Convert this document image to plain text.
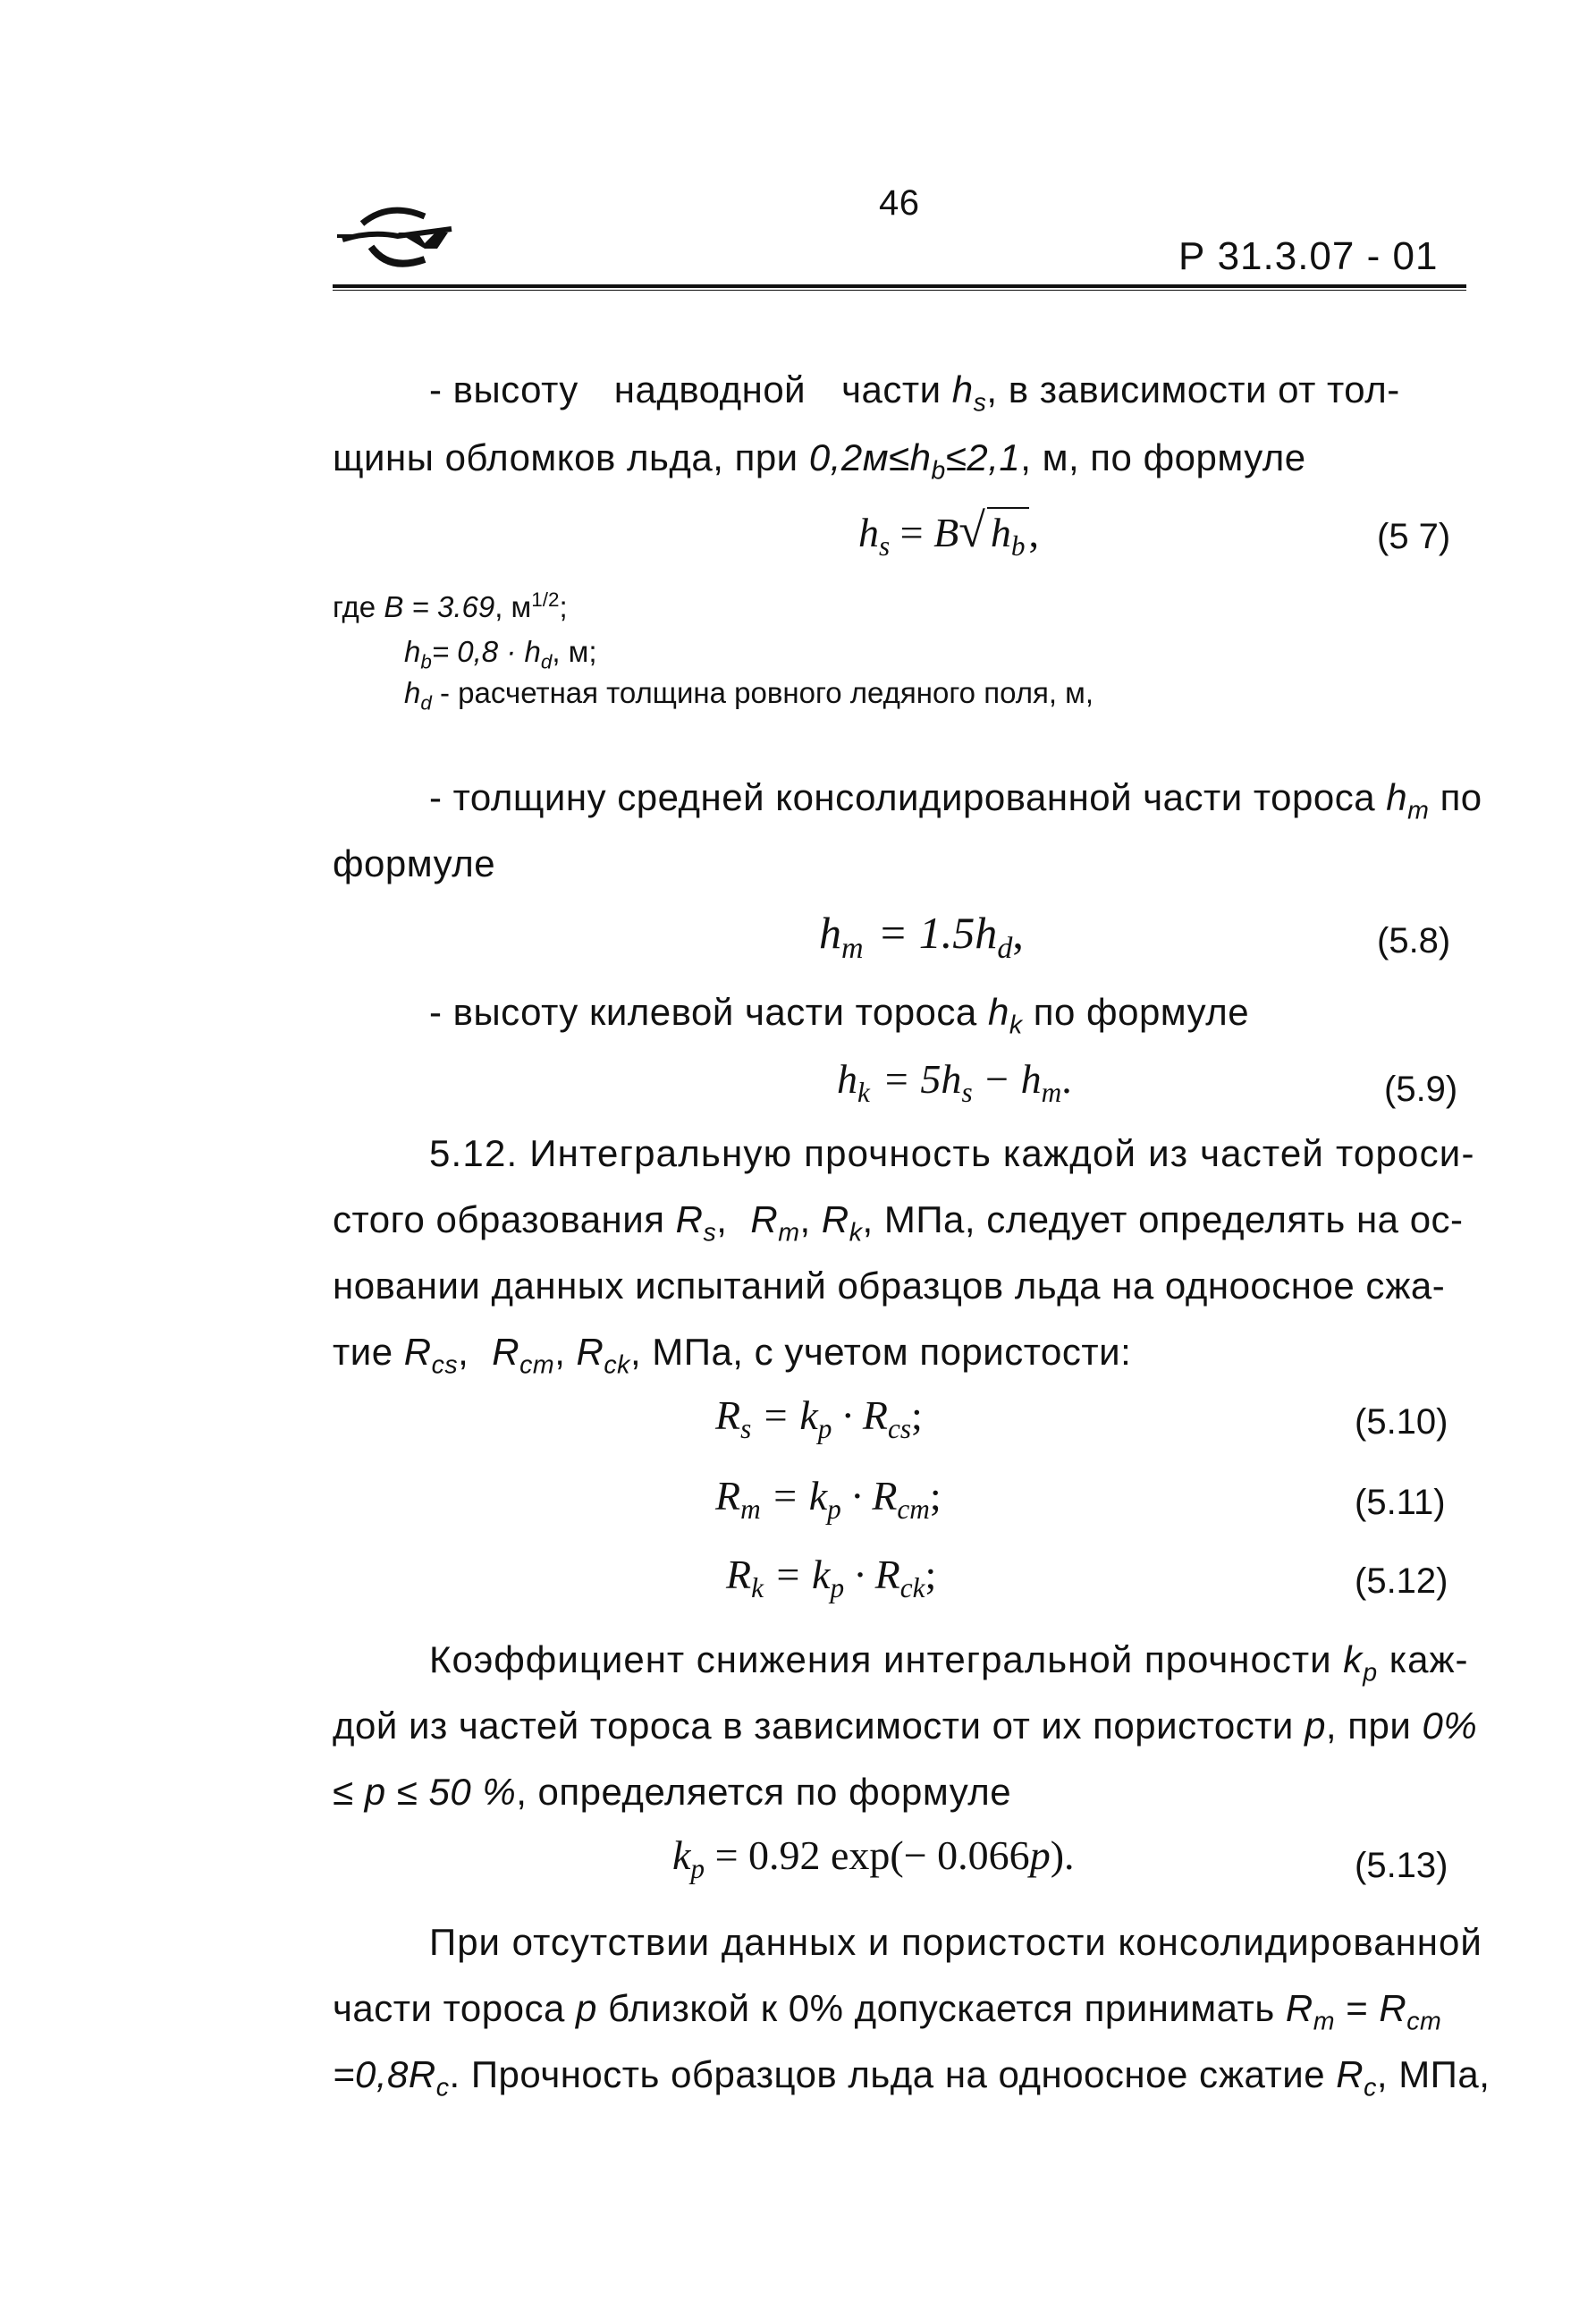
46
Р 31.3.07 - 01
- высоту надводной части $h_s$, в зависимости от тол-
щины обломков льда, при $0,2м\le h_b\le 2,1$, м, по формуле
$h_s = B√$ $h_b$,	(5 7)
где B = 3.69, $м^{1/2}$;
$h_b= 0,8 \cdot h_d$, м;
$h_d$ - расчетная толщина ровного ледяного поля, м,
- толщину средней консолидированной части тороса $h_m$ по
формуле
$h_m = 1.5h_d$,	(5.8)
- высоту килевой части тороса $h_k$ по формуле
$h_k = 5h_s - h_m$.	(5.9)
5.12. Интегральную прочность каждой из частей тороси-
стого образования $R_s$, $R_m$, $R_k$, МПа, следует определять на ос-
новании данных испытаний образцов льда на одноосное сжа-
тие $R_{cs}$, $R_{cm}$, $R_{ck}$, МПа, с учетом пористости:
$R_s = k_p \cdot R_{cs}$;	(5.10)
$R_m = k_p \cdot R_{cm}$;	(5.11)
$R_k = k_p \cdot R_{ck}$;	(5.12)
Коэффициент снижения интегральной прочности $k_p$ каж-
дой из частей тороса в зависимости от их пористости p, при 0%
≤ p ≤ 50 %, определяется по формуле
$k_p = 0.92$ exp(− 0.066p).	(5.13)
При отсутствии данных и пористости консолидированной
части тороса p близкой к 0% допускается принимать $R_m = R_{cm}$
$=0,8R_c$. Прочность образцов льда на одноосное сжатие $R_c$, МПа,
